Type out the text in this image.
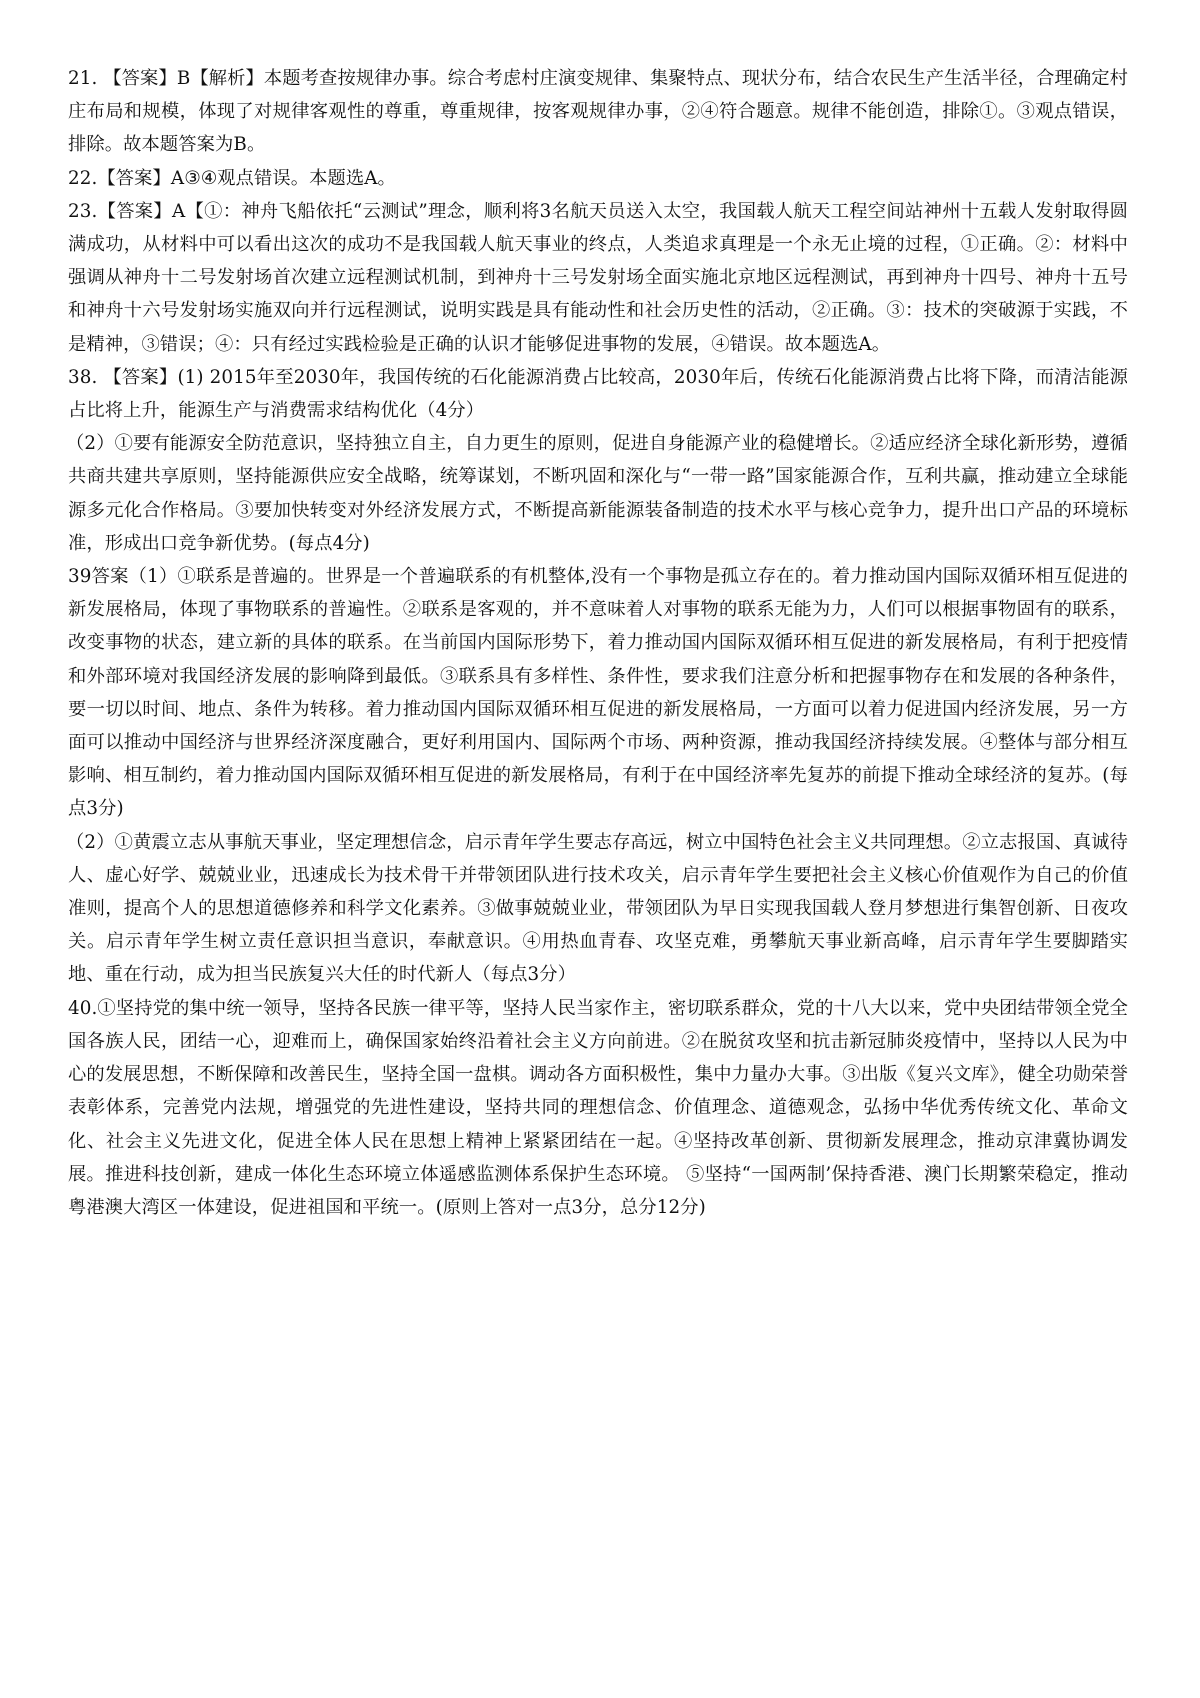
21. 【答案】B【解析】本题考查按规律办事。综合考虑村庄演变规律、集聚特点、现状分布，结合农民生产生活半径，合理确定村庄布局和规模，体现了对规律客观性的尊重，尊重规律，按客观规律办事，②④符合题意。规律不能创造，排除①。③观点错误，排除。故本题答案为B。

22.【答案】A③④观点错误。本题选A。

23.【答案】A【①：神舟飞船依托“云测试”理念，顺利将3名航天员送入太空，我国载人航天工程空间站神州十五载人发射取得圆满成功，从材料中可以看出这次的成功不是我国载人航天事业的终点，人类追求真理是一个永无止境的过程，①正确。②：材料中强调从神舟十二号发射场首次建立远程测试机制，到神舟十三号发射场全面实施北京地区远程测试，再到神舟十四号、神舟十五号和神舟十六号发射场实施双向并行远程测试，说明实践是具有能动性和社会历史性的活动，②正确。③：技术的突破源于实践，不是精神，③错误；④：只有经过实践检验是正确的认识才能够促进事物的发展，④错误。故本题选A。

38. 【答案】(1) 2015年至2030年，我国传统的石化能源消费占比较高，2030年后，传统石化能源消费占比将下降，而清洁能源占比将上升，能源生产与消费需求结构优化（4分）

（2）①要有能源安全防范意识，坚持独立自主，自力更生的原则，促进自身能源产业的稳健增长。②适应经济全球化新形势，遵循共商共建共享原则，坚持能源供应安全战略，统筹谋划，不断巩固和深化与“一带一路”国家能源合作，互利共赢，推动建立全球能源多元化合作格局。③要加快转变对外经济发展方式，不断提高新能源装备制造的技术水平与核心竞争力，提升出口产品的环境标准，形成出口竞争新优势。(每点4分)

39答案（1）①联系是普遍的。世界是一个普遍联系的有机整体,没有一个事物是孤立存在的。着力推动国内国际双循环相互促进的新发展格局，体现了事物联系的普遍性。②联系是客观的，并不意味着人对事物的联系无能为力，人们可以根据事物固有的联系，改变事物的状态，建立新的具体的联系。在当前国内国际形势下，着力推动国内国际双循环相互促进的新发展格局，有利于把疫情和外部环境对我国经济发展的影响降到最低。③联系具有多样性、条件性，要求我们注意分析和把握事物存在和发展的各种条件，要一切以时间、地点、条件为转移。着力推动国内国际双循环相互促进的新发展格局，一方面可以着力促进国内经济发展，另一方面可以推动中国经济与世界经济深度融合，更好利用国内、国际两个市场、两种资源，推动我国经济持续发展。④整体与部分相互影响、相互制约，着力推动国内国际双循环相互促进的新发展格局，有利于在中国经济率先复苏的前提下推动全球经济的复苏。(每点3分)

（2）①黄震立志从事航天事业，坚定理想信念，启示青年学生要志存高远，树立中国特色社会主义共同理想。②立志报国、真诚待人、虚心好学、兢兢业业，迅速成长为技术骨干并带领团队进行技术攻关，启示青年学生要把社会主义核心价值观作为自己的价值准则，提高个人的思想道德修养和科学文化素养。③做事兢兢业业，带领团队为早日实现我国载人登月梦想进行集智创新、日夜攻关。启示青年学生树立责任意识担当意识，奉献意识。④用热血青春、攻坚克难，勇攀航天事业新高峰，启示青年学生要脚踏实地、重在行动，成为担当民族复兴大任的时代新人（每点3分）

40.①坚持党的集中统一领导，坚持各民族一律平等，坚持人民当家作主，密切联系群众，党的十八大以来，党中央团结带领全党全国各族人民，团结一心，迎难而上，确保国家始终沿着社会主义方向前进。②在脱贫攻坚和抗击新冠肺炎疫情中，坚持以人民为中心的发展思想，不断保障和改善民生，坚持全国一盘棋。调动各方面积极性，集中力量办大事。③出版《复兴文库》，健全功勋荣誉表彰体系，完善党内法规，增强党的先进性建设，坚持共同的理想信念、价值理念、道德观念，弘扬中华优秀传统文化、革命文化、社会主义先进文化，促进全体人民在思想上精神上紧紧团结在一起。④坚持改革创新、贯彻新发展理念，推动京津冀协调发展。推进科技创新，建成一体化生态环境立体遥感监测体系保护生态环境。 ⑤坚持“一国两制’保持香港、澳门长期繁荣稳定，推动粤港澳大湾区一体建设，促进祖国和平统一。(原则上答对一点3分，总分12分)
